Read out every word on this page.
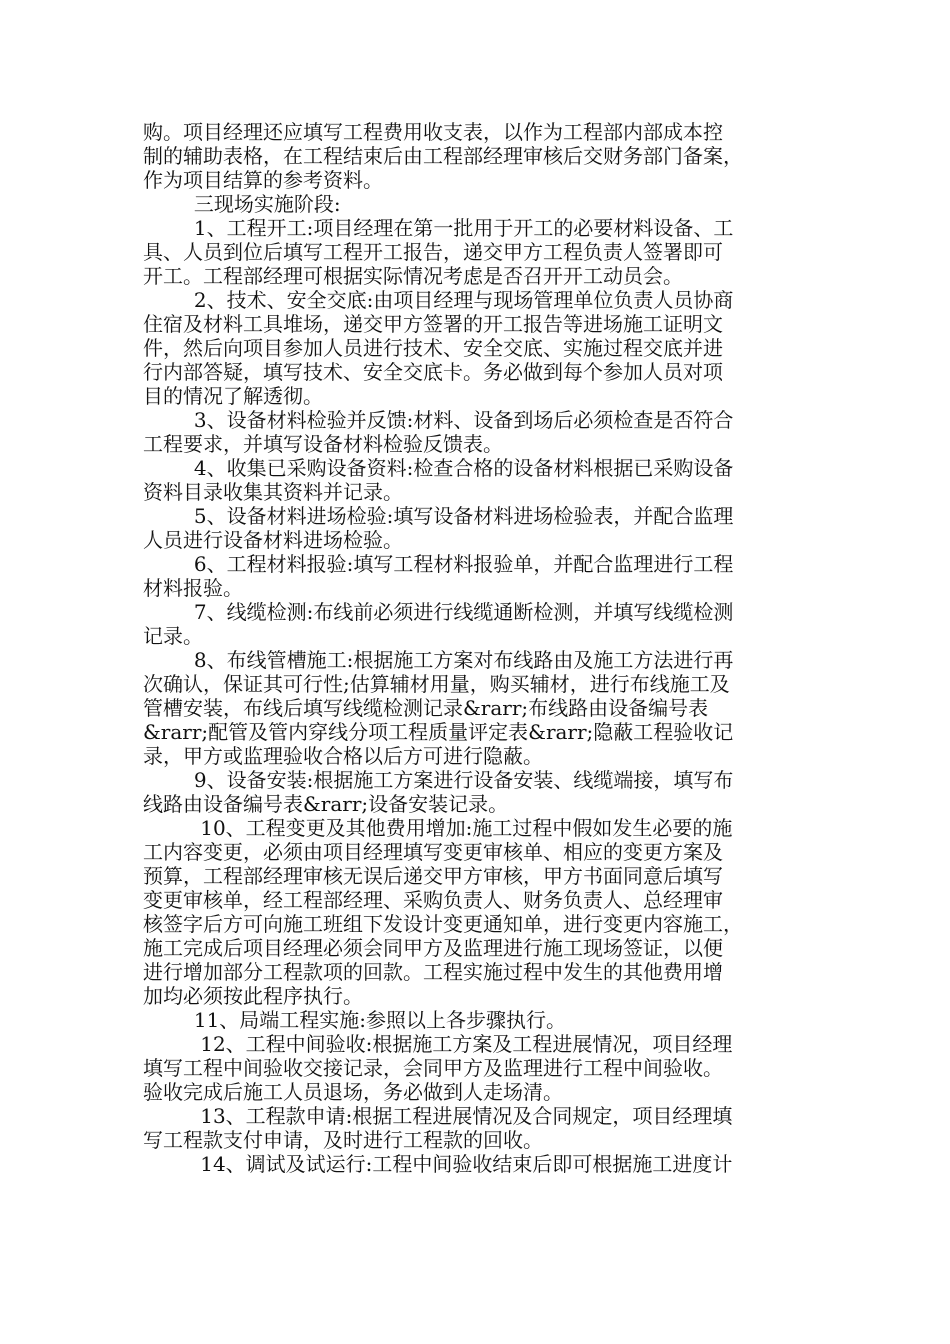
购。项目经理还应填写工程费用收支表，以作为工程部内部成本控
制的辅助表格，在工程结束后由工程部经理审核后交财务部门备案，
作为项目结算的参考资料。
三现场实施阶段:
1、工程开工:项目经理在第一批用于开工的必要材料设备、工
具、人员到位后填写工程开工报告，递交甲方工程负责人签署即可
开工。工程部经理可根据实际情况考虑是否召开开工动员会。
2、技术、安全交底:由项目经理与现场管理单位负责人员协商
住宿及材料工具堆场，递交甲方签署的开工报告等进场施工证明文
件，然后向项目参加人员进行技术、安全交底、实施过程交底并进
行内部答疑，填写技术、安全交底卡。务必做到每个参加人员对项
目的情况了解透彻。
3、设备材料检验并反馈:材料、设备到场后必须检查是否符合
工程要求，并填写设备材料检验反馈表。
4、收集已采购设备资料:检查合格的设备材料根据已采购设备
资料目录收集其资料并记录。
5、设备材料进场检验:填写设备材料进场检验表，并配合监理
人员进行设备材料进场检验。
6、工程材料报验:填写工程材料报验单，并配合监理进行工程
材料报验。
7、线缆检测:布线前必须进行线缆通断检测，并填写线缆检测
记录。
8、布线管槽施工:根据施工方案对布线路由及施工方法进行再
次确认，保证其可行性;估算辅材用量，购买辅材，进行布线施工及
管槽安装，布线后填写线缆检测记录&rarr;布线路由设备编号表
&rarr;配管及管内穿线分项工程质量评定表&rarr;隐蔽工程验收记
录，甲方或监理验收合格以后方可进行隐蔽。
9、设备安装:根据施工方案进行设备安装、线缆端接，填写布
线路由设备编号表&rarr;设备安装记录。
10、工程变更及其他费用增加:施工过程中假如发生必要的施
工内容变更，必须由项目经理填写变更审核单、相应的变更方案及
预算，工程部经理审核无误后递交甲方审核，甲方书面同意后填写
变更审核单，经工程部经理、采购负责人、财务负责人、总经理审
核签字后方可向施工班组下发设计变更通知单，进行变更内容施工，
施工完成后项目经理必须会同甲方及监理进行施工现场签证，以便
进行增加部分工程款项的回款。工程实施过程中发生的其他费用增
加均必须按此程序执行。
11、局端工程实施:参照以上各步骤执行。
12、工程中间验收:根据施工方案及工程进展情况，项目经理
填写工程中间验收交接记录，会同甲方及监理进行工程中间验收。
验收完成后施工人员退场，务必做到人走场清。
13、工程款申请:根据工程进展情况及合同规定，项目经理填
写工程款支付申请，及时进行工程款的回收。
14、调试及试运行:工程中间验收结束后即可根据施工进度计
